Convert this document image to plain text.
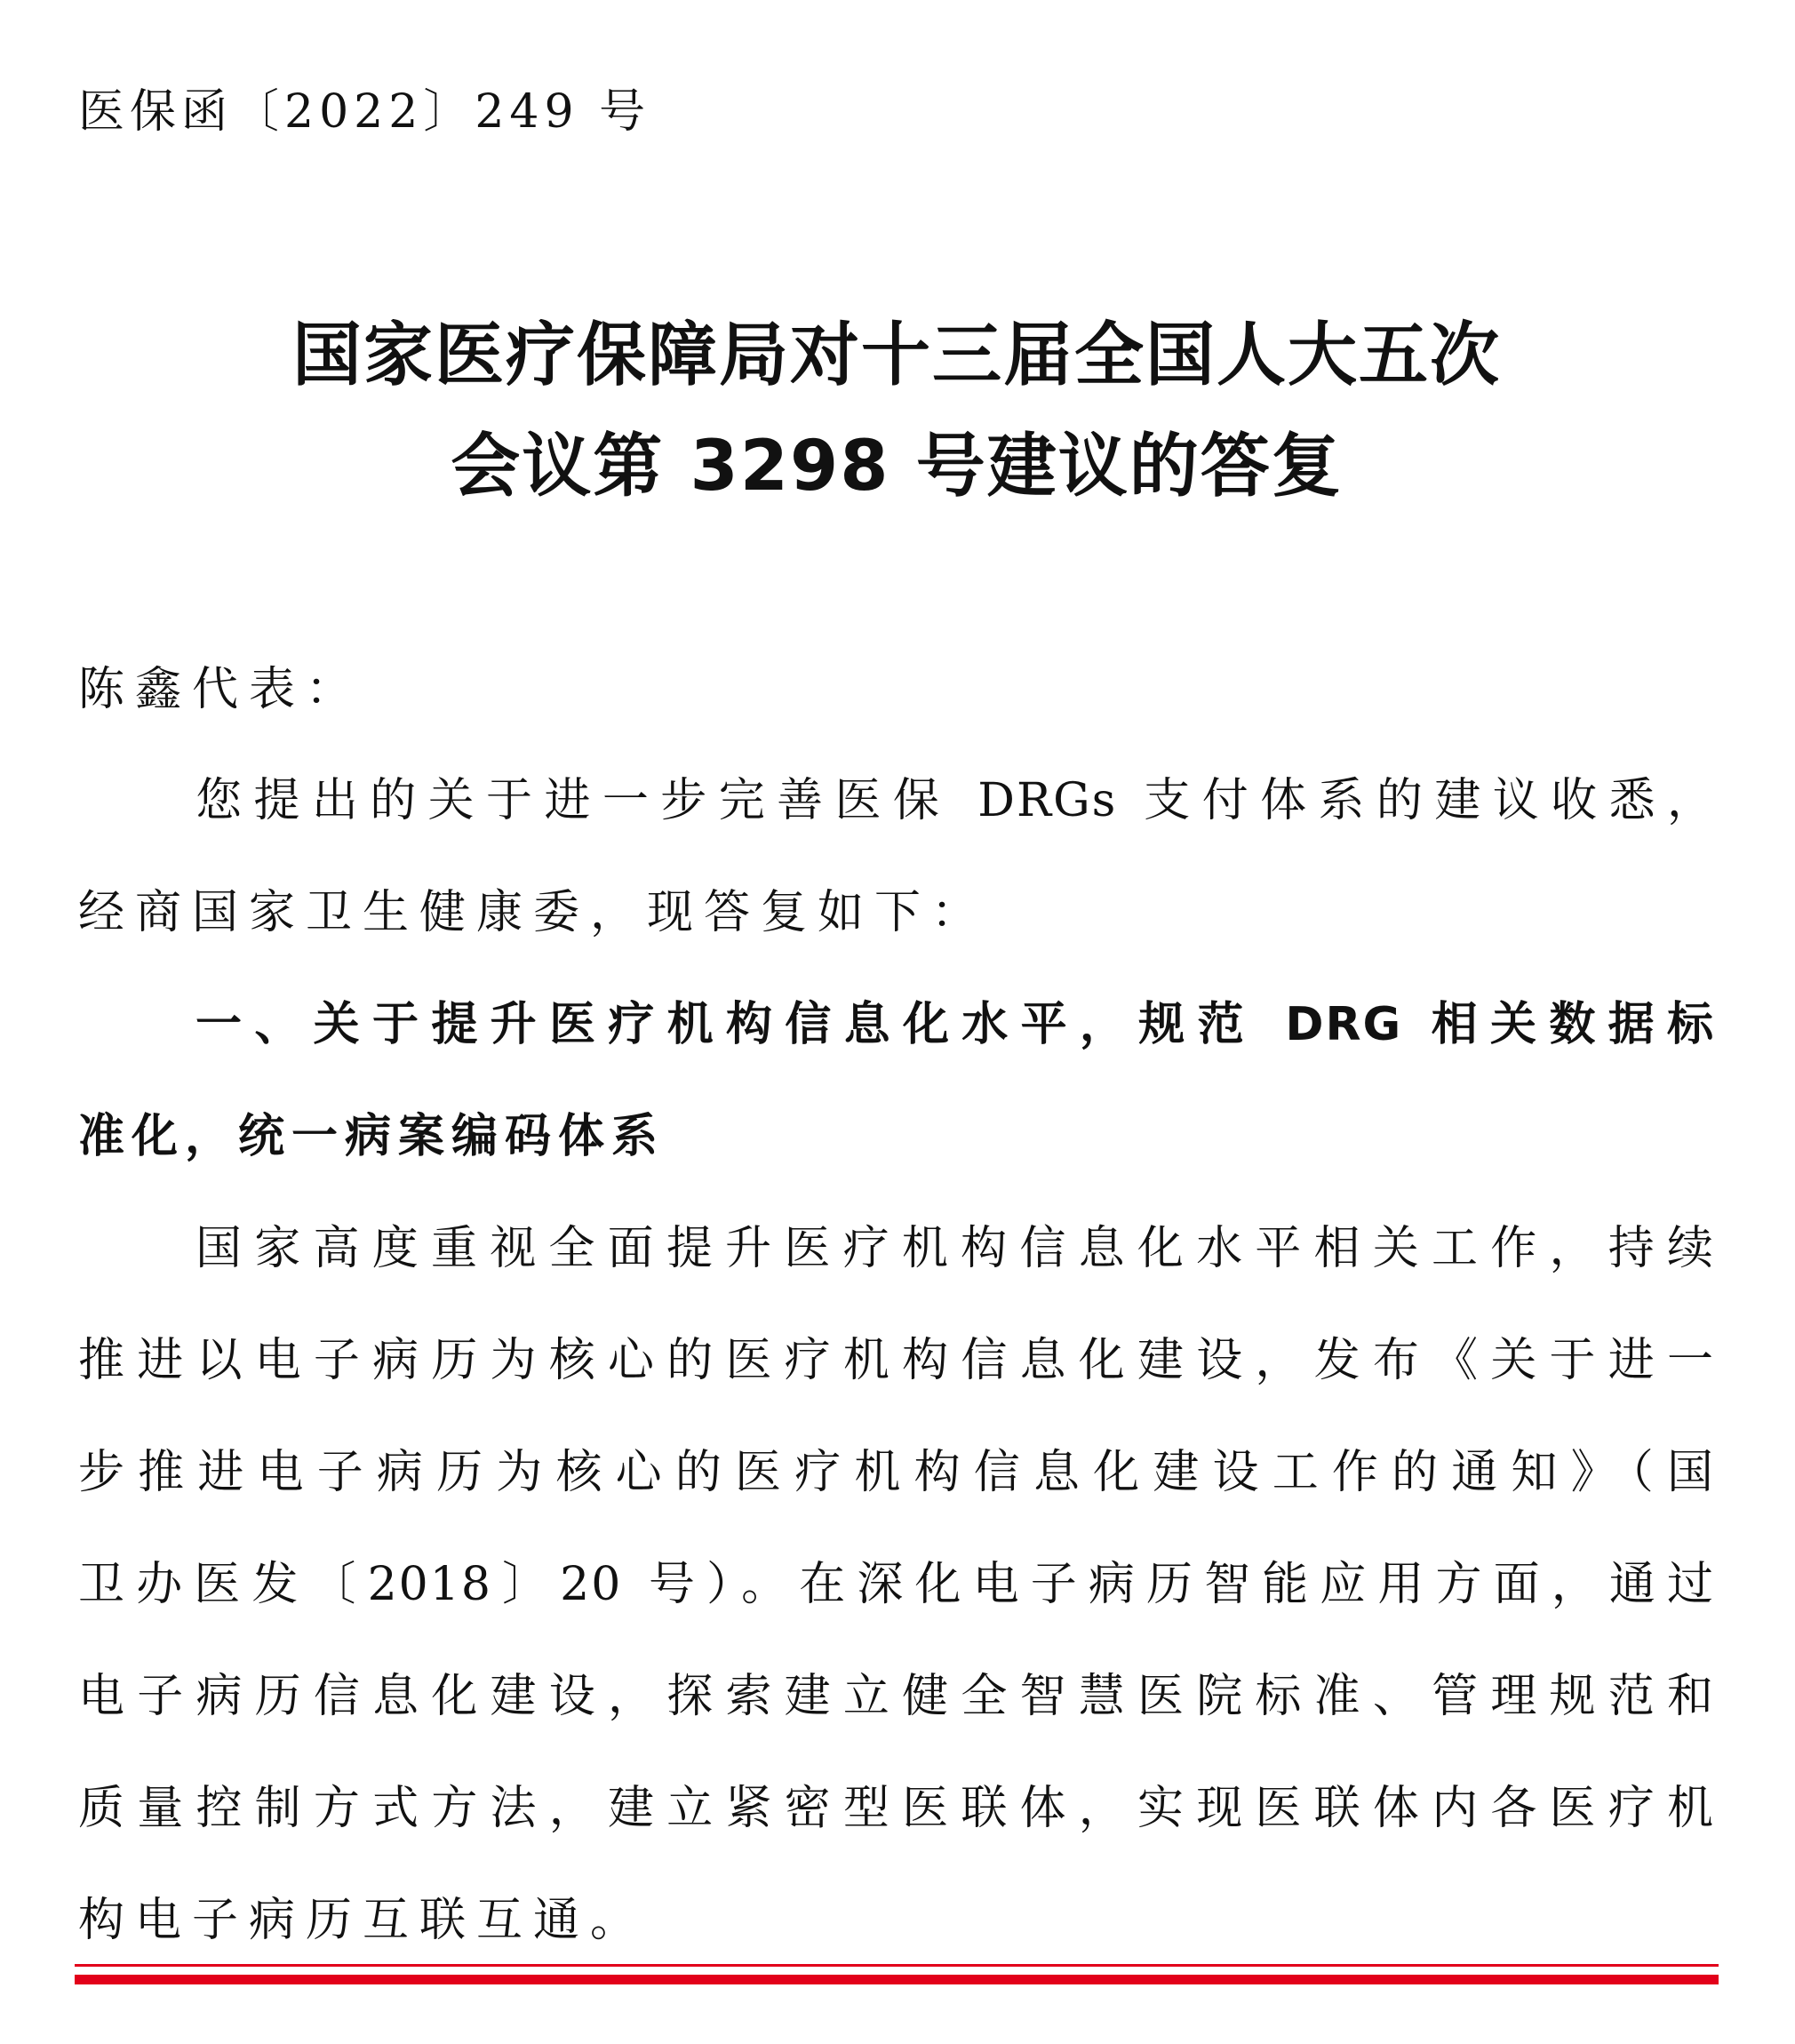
医保函〔2022〕249 号
国家医疗保障局对十三届全国人大五次
会议第 3298 号建议的答复
陈鑫代表：
您提出的关于进一步完善医保 DRGs 支付体系的建议收悉，
经商国家卫生健康委，现答复如下：
一、关于提升医疗机构信息化水平，规范 DRG 相关数据标
准化，统一病案编码体系
国家高度重视全面提升医疗机构信息化水平相关工作，持续
推进以电子病历为核心的医疗机构信息化建设，发布《关于进一
步推进电子病历为核心的医疗机构信息化建设工作的通知》（国
卫办医发〔2018〕20 号）。在深化电子病历智能应用方面，通过
电子病历信息化建设，探索建立健全智慧医院标准、管理规范和
质量控制方式方法，建立紧密型医联体，实现医联体内各医疗机
构电子病历互联互通。
